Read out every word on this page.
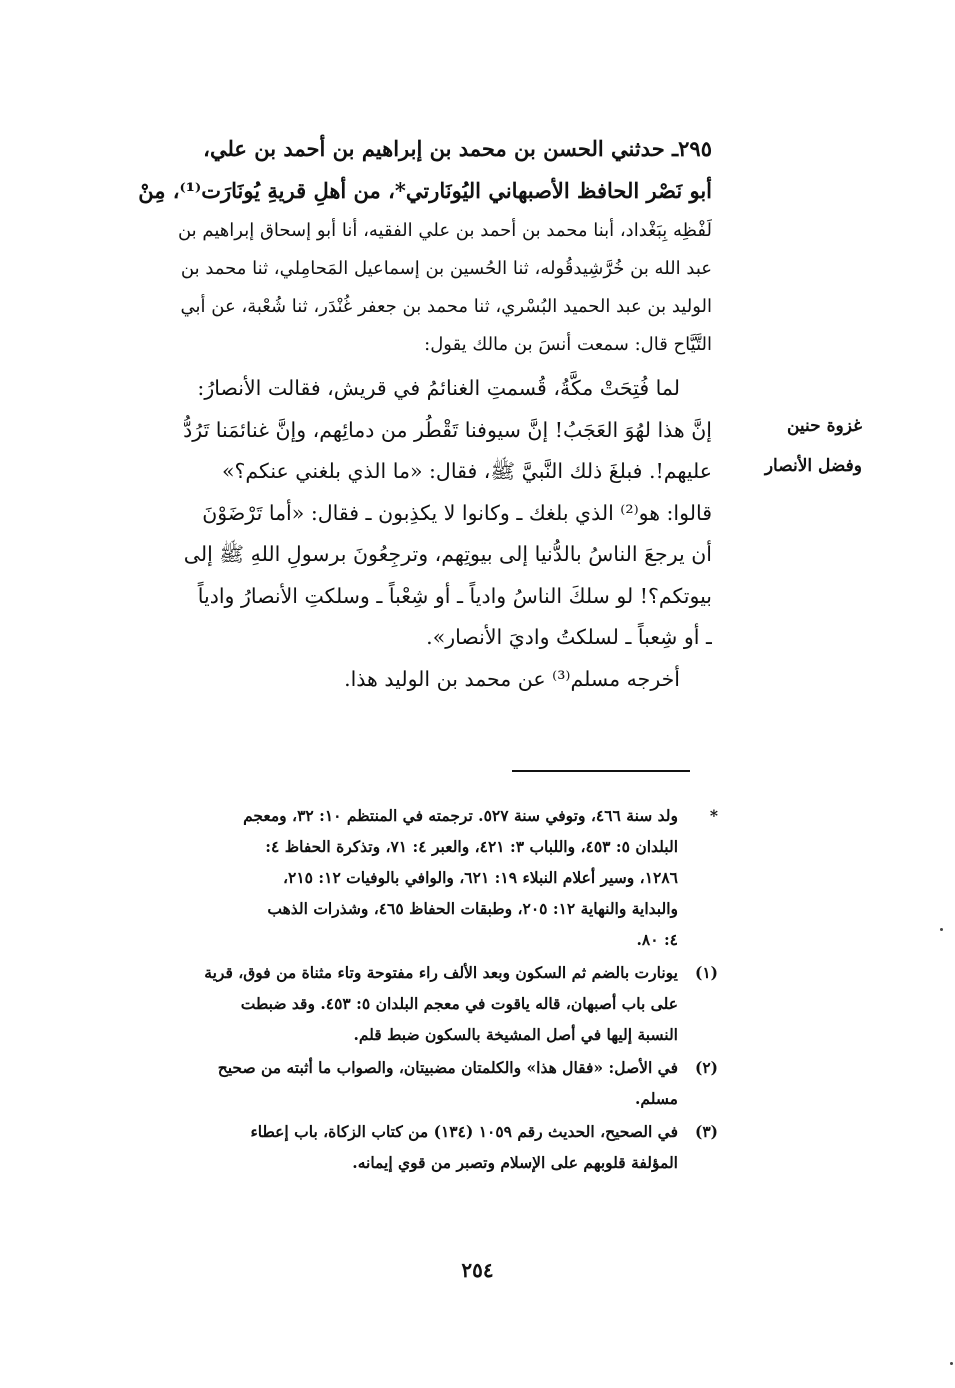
٢٩٥ـ حدثني الحسن بن محمد بن إبراهيم بن أحمد بن علي،
أبو نَصْر الحافظ الأصبهاني اليُونَارتي*، من أهلِ قريةِ يُونَارَت⁽¹⁾، مِنْ
لَفْظِه بِبَغْداد، أبنا محمد بن أحمد بن علي الفقيه، أنا أبو إسحاق إبراهيم بن
عبد الله بن خُرَّشِيدقُوله، ثنا الحُسين بن إسماعيل المَحامِلي، ثنا محمد بن
الوليد بن عبد الحميد البُسْري، ثنا محمد بن جعفر غُنْدَر، ثنا شُعْبة، عن أبي
التَّيَّاح قال: سمعت أنسَ بن مالك يقول:
لما فُتِحَتْ مكَّةُ، قُسمتِ الغنائمُ في قريش، فقالت الأنصارُ:
إنَّ هذا لهُوَ العَجَبُ! إنَّ سيوفنا تَقْطُر من دمائِهم، وإنَّ غنائمَنا تَرُدُّ
عليهم!. فبلغَ ذلك النَّبيَّ ﷺ، فقال: «ما الذي بلغني عنكم؟»
قالوا: هو⁽²⁾ الذي بلغك ـ وكانوا لا يكذِبون ـ فقال: «أما تَرْضَوْنَ
أن يرجعَ الناسُ بالدُّنيا إلى بيوتِهم، وترجِعُونَ برسولِ اللهِ ﷺ إلى
بيوتكم؟! لو سلكَ الناسُ وادياً ـ أو شِعْباً ـ وسلكتِ الأنصارُ وادياً
ـ أو شِعباً ـ لسلكتُ واديَ الأنصار».
أخرجه مسلم⁽³⁾ عن محمد بن الوليد هذا.
غزوة حنين
وفضل الأنصار
*
ولد سنة ٤٦٦، وتوفي سنة ٥٢٧. ترجمته في المنتظم ١٠: ٣٢، ومعجم
البلدان ٥: ٤٥٣، واللباب ٣: ٤٢١، والعبر ٤: ٧١، وتذكرة الحفاظ ٤:
١٢٨٦، وسير أعلام النبلاء ١٩: ٦٢١، والوافي بالوفيات ١٢: ٢١٥،
والبداية والنهاية ١٢: ٢٠٥، وطبقات الحفاظ ٤٦٥، وشذرات الذهب
٤: ٨٠.
(١)
يونارت بالضم ثم السكون وبعد الألف راء مفتوحة وتاء مثناة من فوق، قرية
على باب أصبهان، قاله ياقوت في معجم البلدان ٥: ٤٥٣. وقد ضبطت
النسبة إليها في أصل المشيخة بالسكون ضبط قلم.
(٢)
في الأصل: «فقال هذا» والكلمتان مضبيتان، والصواب ما أثبته من صحيح
مسلم.
(٣)
في الصحيح، الحديث رقم ١٠٥٩ (١٣٤) من كتاب الزكاة، باب إعطاء
المؤلفة قلوبهم على الإسلام وتصبر من قوي إيمانه.
٢٥٤
